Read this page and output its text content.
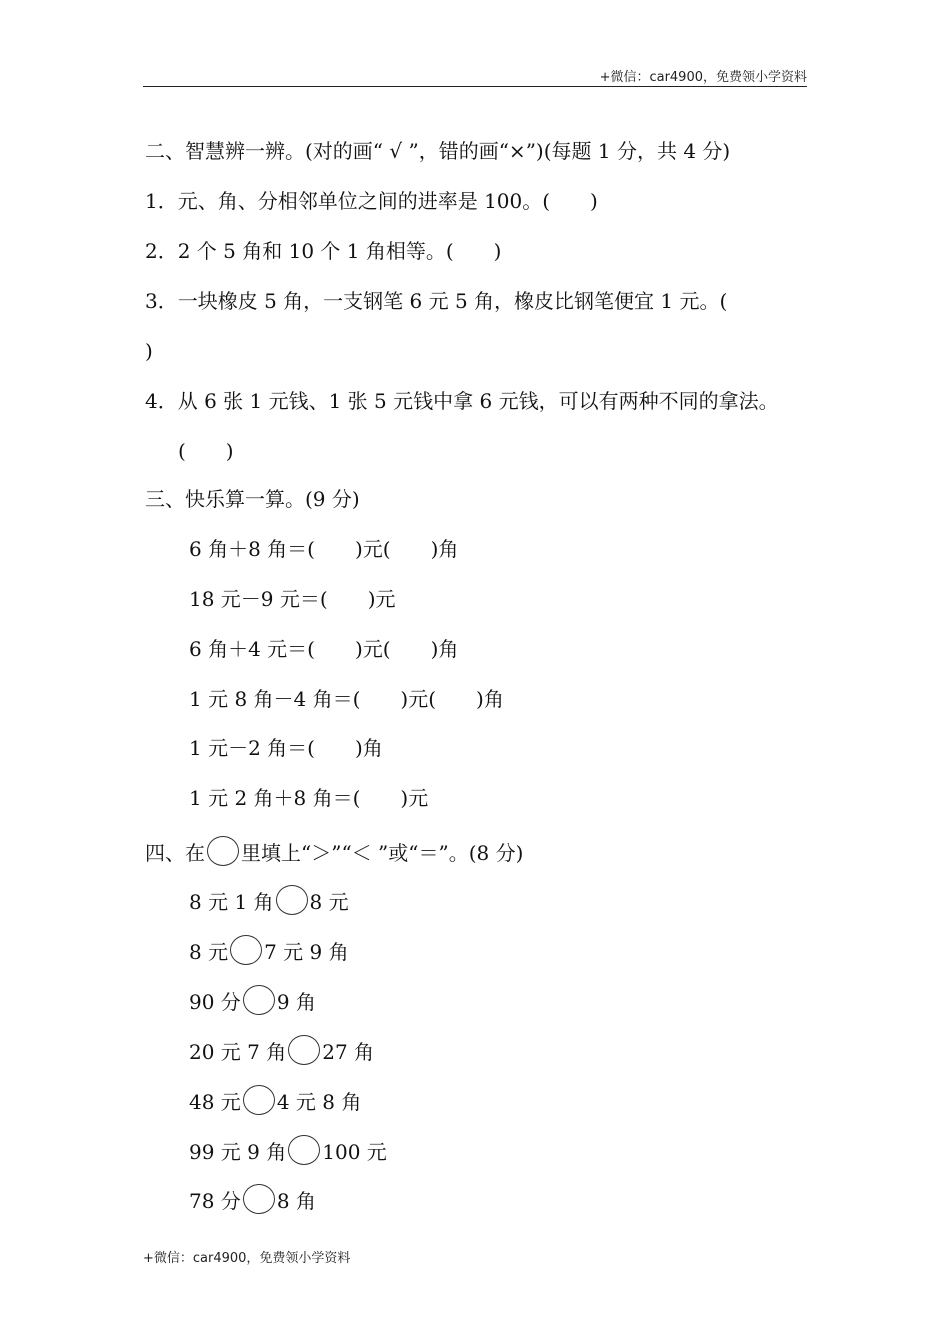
+微信：car4900，免费领小学资料
二、智慧辨一辨。(对的画“ √ ”，错的画“×”)(每题 1 分，共 4 分)
1．元、角、分相邻单位之间的进率是 100。(　　)
2．2 个 5 角和 10 个 1 角相等。(　　)
3．一块橡皮 5 角，一支钢笔 6 元 5 角，橡皮比钢笔便宜 1 元。(
)
4．从 6 张 1 元钱、1 张 5 元钱中拿 6 元钱，可以有两种不同的拿法。
(　　)
三、快乐算一算。(9 分)
6 角＋8 角＝(　　)元(　　)角
18 元－9 元＝(　　)元
6 角＋4 元＝(　　)元(　　)角
1 元 8 角－4 角＝(　　)元(　　)角
1 元－2 角＝(　　)角
1 元 2 角＋8 角＝(　　)元
四、在 里填上“＞”“＜ ”或“＝”。(8 分)
8 元 1 角 8 元
8 元 7 元 9 角
90 分 9 角
20 元 7 角 27 角
48 元 4 元 8 角
99 元 9 角 100 元
78 分 8 角
+微信：car4900，免费领小学资料
